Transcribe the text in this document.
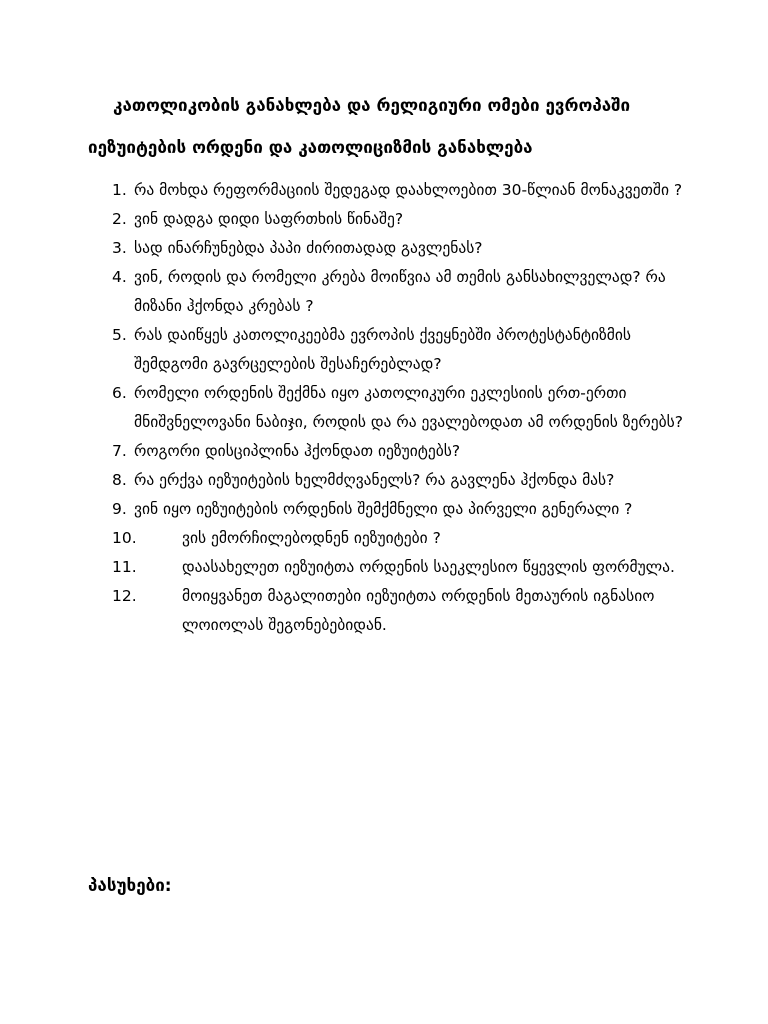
კათოლიკობის განახლება და რელიგიური ომები ევროპაში
იეზუიტების ორდენი და კათოლიციზმის განახლება
1. რა მოხდა რეფორმაციის შედეგად დაახლოებით 30-წლიან მონაკვეთში ?
2. ვინ დადგა დიდი საფრთხის წინაშე?
3. სად ინარჩუნებდა პაპი ძირითადად გავლენას?
4. ვინ, როდის და რომელი კრება მოიწვია ამ თემის განსახილველად? რა მიზანი ჰქონდა კრებას ?
5. რას დაიწყეს კათოლიკეებმა ევროპის ქვეყნებში პროტესტანტიზმის შემდგომი გავრცელების შესაჩერებლად?
6. რომელი ორდენის შექმნა იყო კათოლიკური ეკლესიის ერთ-ერთი მნიშვნელოვანი ნაბიჯი, როდის და რა ევალებოდათ ამ ორდენის ზერებს?
7. როგორი დისციპლინა ჰქონდათ იეზუიტებს?
8. რა ერქვა იეზუიტების ხელმძღვანელს? რა გავლენა ჰქონდა მას?
9. ვინ იყო იეზუიტების ორდენის შემქმნელი და პირველი გენერალი ?
10.	ვის ემორჩილებოდნენ იეზუიტები ?
11.	დაასახელეთ იეზუიტთა ორდენის საეკლესიო წყევლის ფორმულა.
12.	მოიყვანეთ მაგალითები იეზუიტთა ორდენის მეთაურის იგნასიო ლოიოლას შეგონებებიდან.
პასუხები:
